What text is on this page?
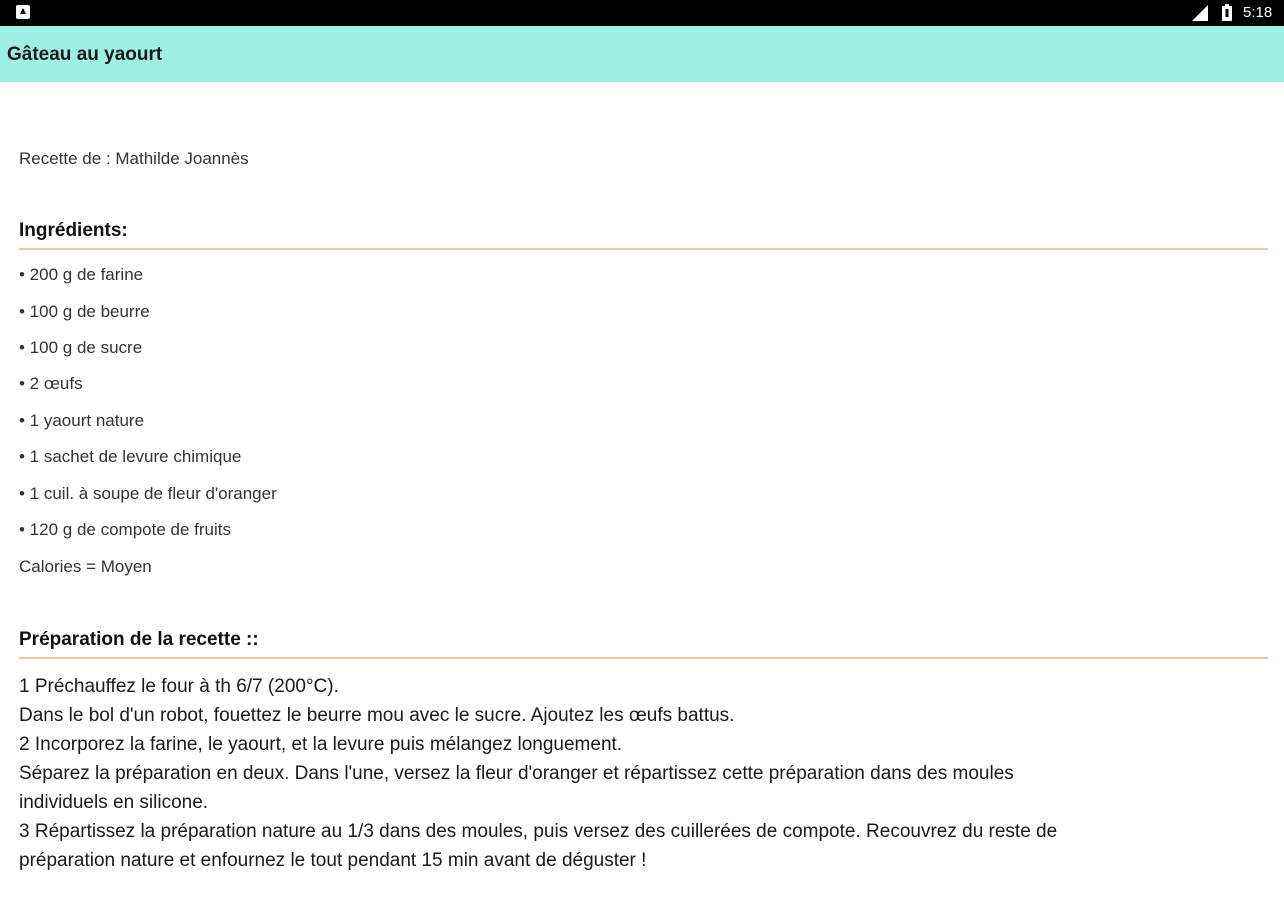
5:18
Gâteau au yaourt
Recette de : Mathilde Joannès
Ingrédients:
• 200 g de farine
• 100 g de beurre
• 100 g de sucre
• 2 œufs
• 1 yaourt nature
• 1 sachet de levure chimique
• 1 cuil. à soupe de fleur d'oranger
• 120 g de compote de fruits
Calories = Moyen
Préparation de la recette ::
1 Préchauffez le four à th 6/7 (200°C).
Dans le bol d'un robot, fouettez le beurre mou avec le sucre. Ajoutez les œufs battus.
2 Incorporez la farine, le yaourt, et la levure puis mélangez longuement.
Séparez la préparation en deux. Dans l'une, versez la fleur d'oranger et répartissez cette préparation dans des moules
individuels en silicone.
3 Répartissez la préparation nature au 1/3 dans des moules, puis versez des cuillerées de compote. Recouvrez du reste de
préparation nature et enfournez le tout pendant 15 min avant de déguster !
